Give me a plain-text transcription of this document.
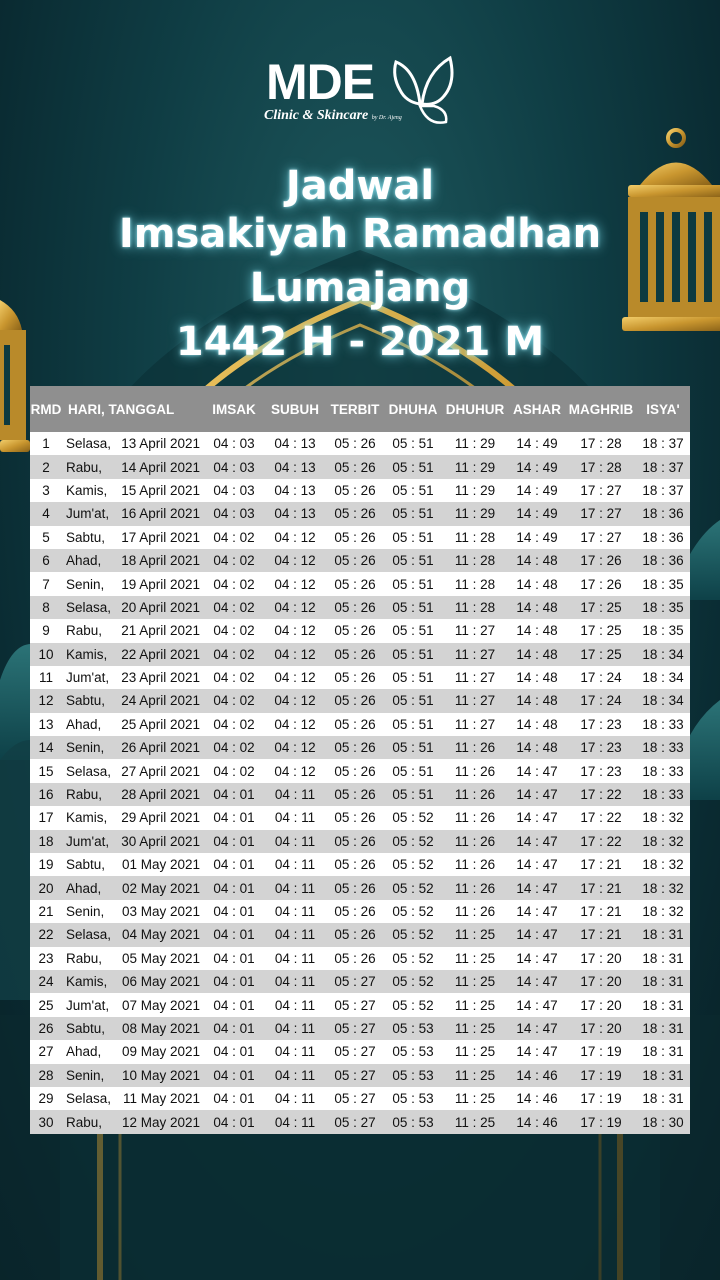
MDE
Clinic & Skincare by Dr. Ajeng
Jadwal
Imsakiyah Ramadhan
Lumajang
1442 H - 2021 M
RMD	HARI, TANGGAL		IMSAK	SUBUH	TERBIT	DHUHA	DHUHUR	ASHAR	MAGHRIB	ISYA'
1	Selasa,	13 April 2021	04 : 03	04 : 13	05 : 26	05 : 51	11 : 29	14 : 49	17 : 28	18 : 37
2	Rabu,	14 April 2021	04 : 03	04 : 13	05 : 26	05 : 51	11 : 29	14 : 49	17 : 28	18 : 37
3	Kamis,	15 April 2021	04 : 03	04 : 13	05 : 26	05 : 51	11 : 29	14 : 49	17 : 27	18 : 37
4	Jum'at,	16 April 2021	04 : 03	04 : 13	05 : 26	05 : 51	11 : 29	14 : 49	17 : 27	18 : 36
5	Sabtu,	17 April 2021	04 : 02	04 : 12	05 : 26	05 : 51	11 : 28	14 : 49	17 : 27	18 : 36
6	Ahad,	18 April 2021	04 : 02	04 : 12	05 : 26	05 : 51	11 : 28	14 : 48	17 : 26	18 : 36
7	Senin,	19 April 2021	04 : 02	04 : 12	05 : 26	05 : 51	11 : 28	14 : 48	17 : 26	18 : 35
8	Selasa,	20 April 2021	04 : 02	04 : 12	05 : 26	05 : 51	11 : 28	14 : 48	17 : 25	18 : 35
9	Rabu,	21 April 2021	04 : 02	04 : 12	05 : 26	05 : 51	11 : 27	14 : 48	17 : 25	18 : 35
10	Kamis,	22 April 2021	04 : 02	04 : 12	05 : 26	05 : 51	11 : 27	14 : 48	17 : 25	18 : 34
11	Jum'at,	23 April 2021	04 : 02	04 : 12	05 : 26	05 : 51	11 : 27	14 : 48	17 : 24	18 : 34
12	Sabtu,	24 April 2021	04 : 02	04 : 12	05 : 26	05 : 51	11 : 27	14 : 48	17 : 24	18 : 34
13	Ahad,	25 April 2021	04 : 02	04 : 12	05 : 26	05 : 51	11 : 27	14 : 48	17 : 23	18 : 33
14	Senin,	26 April 2021	04 : 02	04 : 12	05 : 26	05 : 51	11 : 26	14 : 48	17 : 23	18 : 33
15	Selasa,	27 April 2021	04 : 02	04 : 12	05 : 26	05 : 51	11 : 26	14 : 47	17 : 23	18 : 33
16	Rabu,	28 April 2021	04 : 01	04 : 11	05 : 26	05 : 51	11 : 26	14 : 47	17 : 22	18 : 33
17	Kamis,	29 April 2021	04 : 01	04 : 11	05 : 26	05 : 52	11 : 26	14 : 47	17 : 22	18 : 32
18	Jum'at,	30 April 2021	04 : 01	04 : 11	05 : 26	05 : 52	11 : 26	14 : 47	17 : 22	18 : 32
19	Sabtu,	01 May 2021	04 : 01	04 : 11	05 : 26	05 : 52	11 : 26	14 : 47	17 : 21	18 : 32
20	Ahad,	02 May 2021	04 : 01	04 : 11	05 : 26	05 : 52	11 : 26	14 : 47	17 : 21	18 : 32
21	Senin,	03 May 2021	04 : 01	04 : 11	05 : 26	05 : 52	11 : 26	14 : 47	17 : 21	18 : 32
22	Selasa,	04 May 2021	04 : 01	04 : 11	05 : 26	05 : 52	11 : 25	14 : 47	17 : 21	18 : 31
23	Rabu,	05 May 2021	04 : 01	04 : 11	05 : 26	05 : 52	11 : 25	14 : 47	17 : 20	18 : 31
24	Kamis,	06 May 2021	04 : 01	04 : 11	05 : 27	05 : 52	11 : 25	14 : 47	17 : 20	18 : 31
25	Jum'at,	07 May 2021	04 : 01	04 : 11	05 : 27	05 : 52	11 : 25	14 : 47	17 : 20	18 : 31
26	Sabtu,	08 May 2021	04 : 01	04 : 11	05 : 27	05 : 53	11 : 25	14 : 47	17 : 20	18 : 31
27	Ahad,	09 May 2021	04 : 01	04 : 11	05 : 27	05 : 53	11 : 25	14 : 47	17 : 19	18 : 31
28	Senin,	10 May 2021	04 : 01	04 : 11	05 : 27	05 : 53	11 : 25	14 : 46	17 : 19	18 : 31
29	Selasa,	11 May 2021	04 : 01	04 : 11	05 : 27	05 : 53	11 : 25	14 : 46	17 : 19	18 : 31
30	Rabu,	12 May 2021	04 : 01	04 : 11	05 : 27	05 : 53	11 : 25	14 : 46	17 : 19	18 : 30
